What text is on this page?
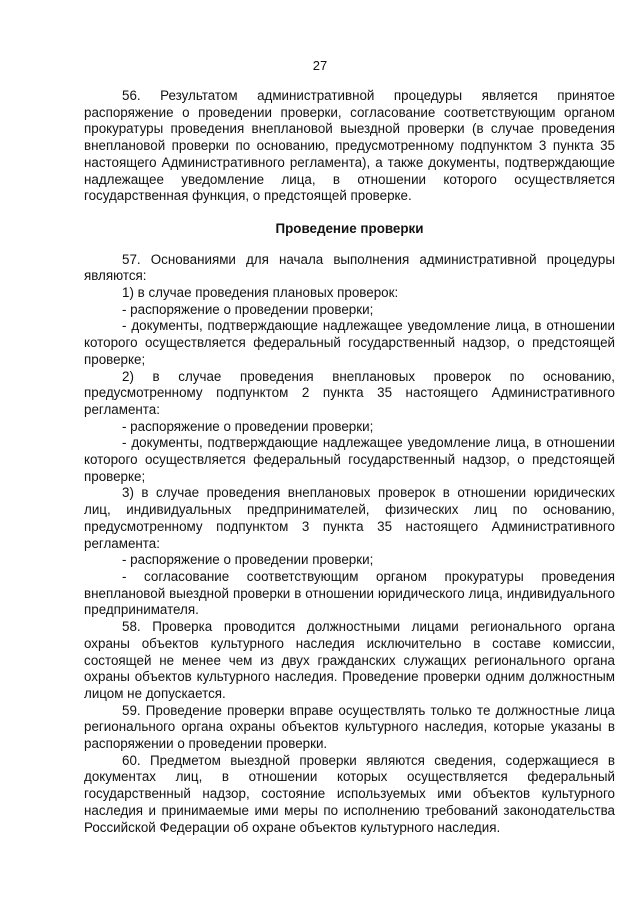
27

56. Результатом административной процедуры является принятое распоряжение о проведении проверки, согласование соответствующим органом прокуратуры проведения внеплановой выездной проверки (в случае проведения внеплановой проверки по основанию, предусмотренному подпунктом 3 пункта 35 настоящего Административного регламента), а также документы, подтверждающие надлежащее уведомление лица, в отношении которого осуществляется государственная функция, о предстоящей проверке.

Проведение проверки

57. Основаниями для начала выполнения административной процедуры являются:

1) в случае проведения плановых проверок:

- распоряжение о проведении проверки;

- документы, подтверждающие надлежащее уведомление лица, в отношении которого осуществляется федеральный государственный надзор, о предстоящей проверке;

2) в случае проведения внеплановых проверок по основанию, предусмотренному подпунктом 2 пункта 35 настоящего Административного регламента:

- распоряжение о проведении проверки;

- документы, подтверждающие надлежащее уведомление лица, в отношении которого осуществляется федеральный государственный надзор, о предстоящей проверке;

3) в случае проведения внеплановых проверок в отношении юридических лиц, индивидуальных предпринимателей, физических лиц по основанию, предусмотренному подпунктом 3 пункта 35 настоящего Административного регламента:

- распоряжение о проведении проверки;

- согласование соответствующим органом прокуратуры проведения внеплановой выездной проверки в отношении юридического лица, индивидуального предпринимателя.

58. Проверка проводится должностными лицами регионального органа охраны объектов культурного наследия исключительно в составе комиссии, состоящей не менее чем из двух гражданских служащих регионального органа охраны объектов культурного наследия. Проведение проверки одним должностным лицом не допускается.

59. Проведение проверки вправе осуществлять только те должностные лица регионального органа охраны объектов культурного наследия, которые указаны в распоряжении о проведении проверки.

60. Предметом выездной проверки являются сведения, содержащиеся в документах лиц, в отношении которых осуществляется федеральный государственный надзор, состояние используемых ими объектов культурного наследия и принимаемые ими меры по исполнению требований законодательства Российской Федерации об охране объектов культурного наследия.
